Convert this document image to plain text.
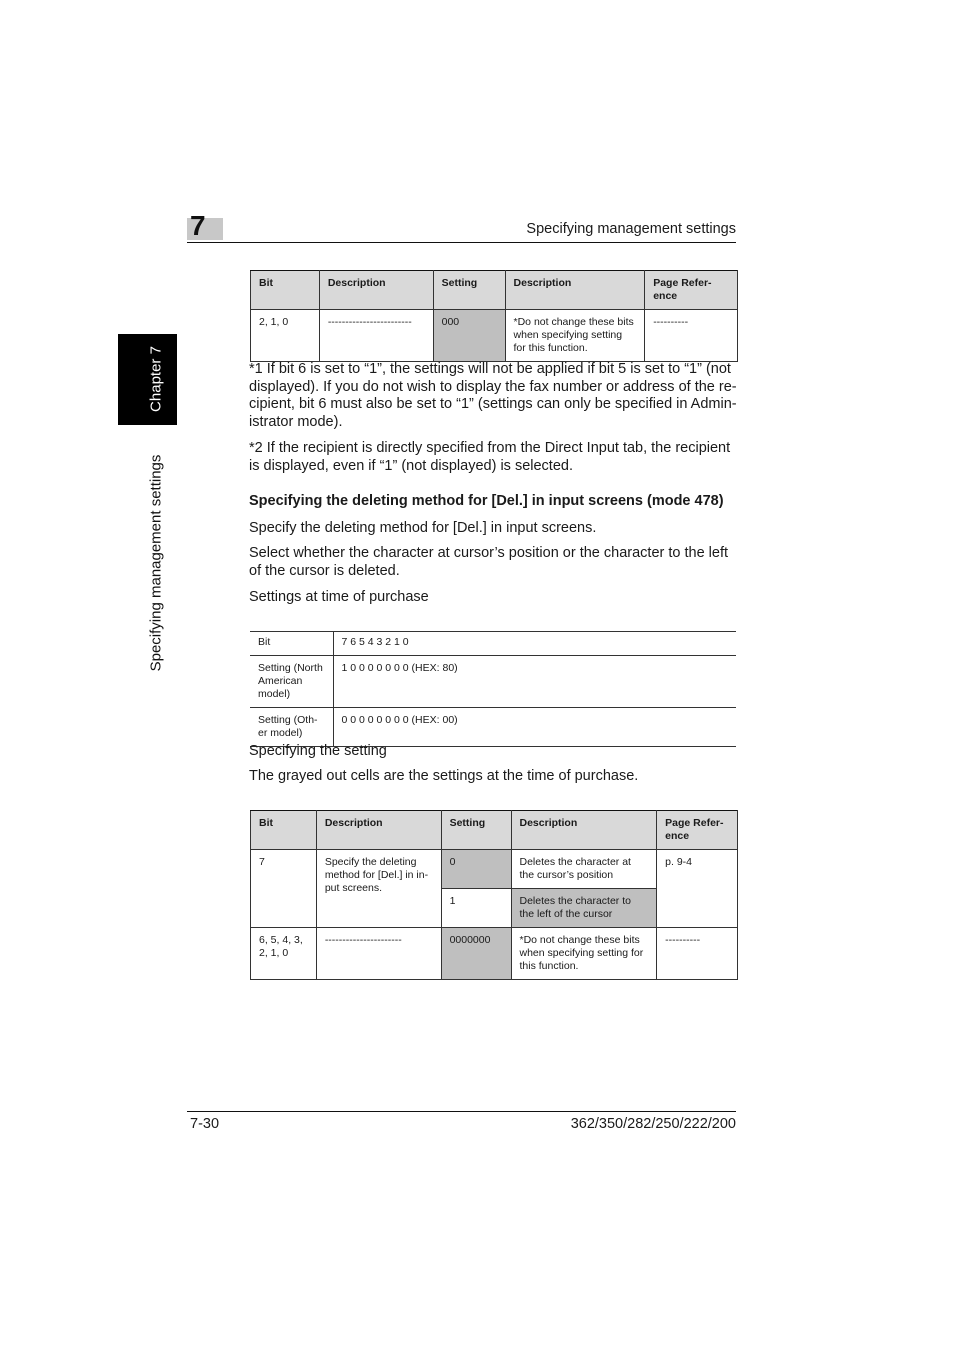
7	Specifying management settings
Chapter 7
Specifying management settings
Bit	Description	Setting	Description	Page Refer-
ence
2, 1, 0	------------------------	000	*Do not change these bits when specifying setting for this function.	----------

*1 If bit 6 is set to “1”, the settings will not be applied if bit 5 is set to “1” (not displayed). If you do not wish to display the fax number or address of the re-cipient, bit 6 must also be set to “1” (settings can only be specified in Admin-istrator mode).

*2 If the recipient is directly specified from the Direct Input tab, the recipient is displayed, even if “1” (not displayed) is selected.

Specifying the deleting method for [Del.] in input screens (mode 478)

Specify the deleting method for [Del.] in input screens.

Select whether the character at cursor’s position or the character to the left of the cursor is deleted.

Settings at time of purchase

Bit	7 6 5 4 3 2 1 0
Setting (North American model)	1 0 0 0 0 0 0 0 (HEX: 80)
Setting (Oth-
er model)	0 0 0 0 0 0 0 0 (HEX: 00)

Specifying the setting

The grayed out cells are the settings at the time of purchase.

Bit	Description	Setting	Description	Page Refer-
ence
7	Specify the deleting method for [Del.] in in-put screens.	0	Deletes the character at the cursor’s position	p. 9-4
		1	Deletes the character to the left of the cursor	
6, 5, 4, 3, 2, 1, 0	----------------------	0000000	*Do not change these bits when specifying setting for this function.	----------
7-30	362/350/282/250/222/200
